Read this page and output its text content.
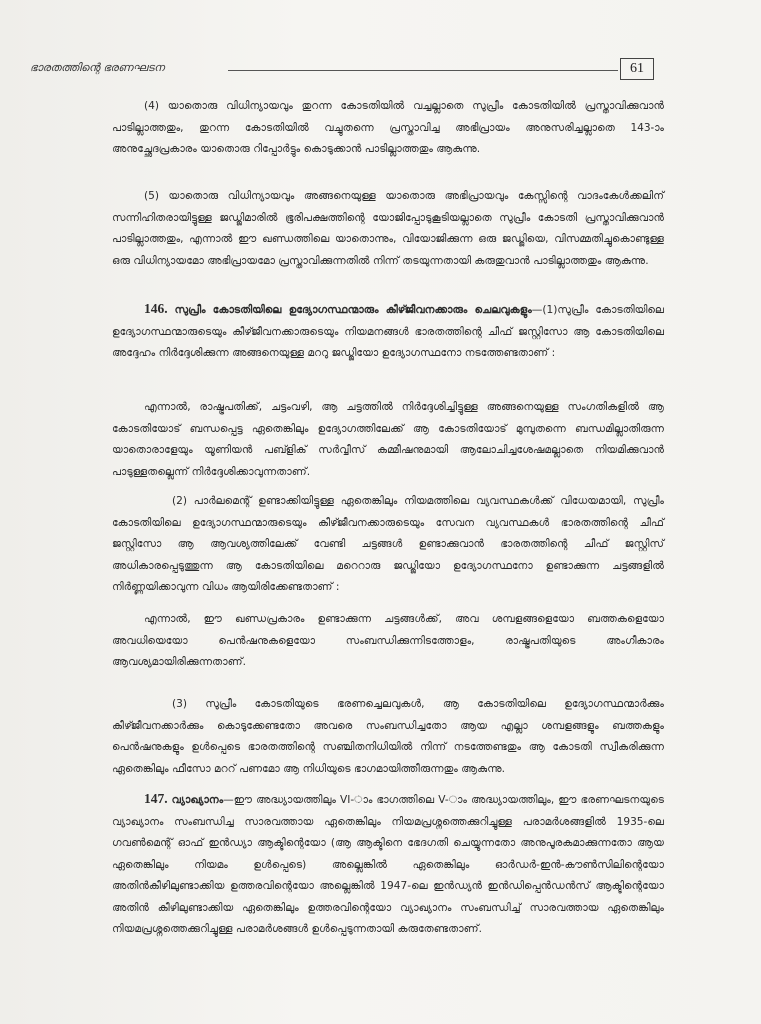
ഭാരതത്തിന്റെ ഭരണഘടന	61
(4) യാതൊരു വിധിന്യായവും തുറന്ന കോടതിയിൽ വച്ചല്ലാതെ സുപ്രീം കോടതിയിൽ പ്രസ്താവിക്കുവാൻ പാടില്ലാത്തതും, തുറന്ന കോടതിയിൽ വച്ചുതന്നെ പ്രസ്താവിച്ച അഭിപ്രായം അനുസരിച്ചല്ലാതെ 143-ാം അനുച്ഛേദപ്രകാരം യാതൊരു റിപ്പോർട്ടും കൊടുക്കാൻ പാടില്ലാത്തതും ആകുന്നു.
(5) യാതൊരു വിധിന്യായവും അങ്ങനെയുള്ള യാതൊരു അഭിപ്രായവും കേസ്സിന്റെ വാദംകേൾക്കലിന് സന്നിഹിതരായിട്ടുള്ള ജഡ്ജിമാരിൽ ഭൂരിപക്ഷത്തിന്റെ യോജിപ്പോടുകൂടിയല്ലാതെ സുപ്രീം കോടതി പ്രസ്താവിക്കുവാൻ പാടില്ലാത്തതും, എന്നാൽ ഈ ഖണ്ഡത്തിലെ യാതൊന്നും, വിയോജിക്കുന്ന ഒരു ജഡ്ജിയെ, വിസമ്മതിച്ചുകൊണ്ടുള്ള ഒരു വിധിന്യായമോ അഭിപ്രായമോ പ്രസ്താവിക്കുന്നതിൽ നിന്ന് തടയുന്നതായി കരുതുവാൻ പാടില്ലാത്തതും ആകുന്നു.
146. സുപ്രീം കോടതിയിലെ ഉദ്യോഗസ്ഥന്മാരും കീഴ്ജീവനക്കാരും ചെലവുകളും—(1)സുപ്രീം കോടതിയിലെ ഉദ്യോഗസ്ഥന്മാരുടെയും കീഴ്ജീവനക്കാരുടെയും നിയമനങ്ങൾ ഭാരതത്തിന്റെ ചീഫ് ജസ്റ്റിസോ ആ കോടതിയിലെ അദ്ദേഹം നിർദ്ദേശിക്കുന്ന അങ്ങനെയുള്ള മററു ജഡ്ജിയോ ഉദ്യോഗസ്ഥനോ നടത്തേണ്ടതാണ് :
എന്നാൽ, രാഷ്ട്രപതിക്ക്, ചട്ടംവഴി, ആ ചട്ടത്തിൽ നിർദ്ദേശിച്ചിട്ടുള്ള അങ്ങനെയുള്ള സംഗതികളിൽ ആ കോടതിയോട് ബന്ധപ്പെട്ട ഏതെങ്കിലും ഉദ്യോഗത്തിലേക്ക് ആ കോടതിയോട് മുമ്പുതന്നെ ബന്ധമില്ലാതിരുന്ന യാതൊരാളേയും യൂണിയൻ പബ്ളിക് സർവ്വീസ് കമ്മീഷനുമായി ആലോചിച്ചശേഷമല്ലാതെ നിയമിക്കുവാൻ പാടുള്ളതല്ലെന്ന് നിർദ്ദേശിക്കാവുന്നതാണ്.
(2) പാർലമെന്റ് ഉണ്ടാക്കിയിട്ടുള്ള ഏതെങ്കിലും നിയമത്തിലെ വ്യവസ്ഥകൾക്ക് വിധേയമായി, സുപ്രീം കോടതിയിലെ ഉദ്യോഗസ്ഥന്മാരുടെയും കീഴ്ജീവനക്കാരുടെയും സേവന വ്യവസ്ഥകൾ ഭാരതത്തിന്റെ ചീഫ് ജസ്റ്റിസോ ആ ആവശ്യത്തിലേക്ക് വേണ്ടി ചട്ടങ്ങൾ ഉണ്ടാക്കുവാൻ ഭാരതത്തിന്റെ ചീഫ് ജസ്റ്റിസ് അധികാരപ്പെടുത്തുന്ന ആ കോടതിയിലെ മറെറാരു ജഡ്ജിയോ ഉദ്യോഗസ്ഥനോ ഉണ്ടാക്കുന്ന ചട്ടങ്ങളിൽ നിർണ്ണയിക്കാവുന്ന വിധം ആയിരിക്കേണ്ടതാണ് :
എന്നാൽ, ഈ ഖണ്ഡപ്രകാരം ഉണ്ടാക്കുന്ന ചട്ടങ്ങൾക്ക്, അവ ശമ്പളങ്ങളെയോ ബത്തകളെയോ അവധിയെയോ പെൻഷനുകളെയോ സംബന്ധിക്കുന്നിടത്തോളം, രാഷ്ട്രപതിയുടെ അംഗീകാരം ആവശ്യമായിരിക്കുന്നതാണ്.
(3) സുപ്രീം കോടതിയുടെ ഭരണച്ചെലവുകൾ, ആ കോടതിയിലെ ഉദ്യോഗസ്ഥന്മാർക്കും കീഴ്ജീവനക്കാർക്കും കൊടുക്കേണ്ടതോ അവരെ സംബന്ധിച്ചതോ ആയ എല്ലാ ശമ്പളങ്ങളും ബത്തകളും പെൻഷനുകളും ഉൾപ്പെടെ ഭാരതത്തിന്റെ സഞ്ചിതനിധിയിൽ നിന്ന് നടത്തേണ്ടതും ആ കോടതി സ്വീകരിക്കുന്ന ഏതെങ്കിലും ഫീസോ മററ് പണമോ ആ നിധിയുടെ ഭാഗമായിത്തീരുന്നതും ആകുന്നു.
147. വ്യാഖ്യാനം—ഈ അദ്ധ്യായത്തിലും VI-ാം ഭാഗത്തിലെ V-ാം അദ്ധ്യായത്തിലും, ഈ ഭരണഘടനയുടെ വ്യാഖ്യാനം സംബന്ധിച്ച സാരവത്തായ ഏതെങ്കിലും നിയമപ്രശ്നത്തെക്കുറിച്ചുള്ള പരാമർശങ്ങളിൽ 1935-ലെ ഗവൺമെന്റ് ഓഫ് ഇൻഡ്യാ ആക്ടിന്റെയോ (ആ ആക്ടിനെ ഭേദഗതി ചെയ്യുന്നതോ അനുപൂരകമാക്കുന്നതോ ആയ ഏതെങ്കിലും നിയമം ഉൾപ്പെടെ) അല്ലെങ്കിൽ ഏതെങ്കിലും ഓർഡർ-ഇൻ-കൗൺസിലിന്റെയോ അതിൻകീഴിലുണ്ടാക്കിയ ഉത്തരവിന്റെയോ അല്ലെങ്കിൽ 1947-ലെ ഇൻഡ്യൻ ഇൻഡിപ്പെൻഡൻസ് ആക്ടിന്റെയോ അതിൻ കീഴിലുണ്ടാക്കിയ ഏതെങ്കിലും ഉത്തരവിന്റെയോ വ്യാഖ്യാനം സംബന്ധിച്ച് സാരവത്തായ ഏതെങ്കിലും നിയമപ്രശ്നത്തെക്കുറിച്ചുള്ള പരാമർശങ്ങൾ ഉൾപ്പെടുന്നതായി കരുതേണ്ടതാണ്.
